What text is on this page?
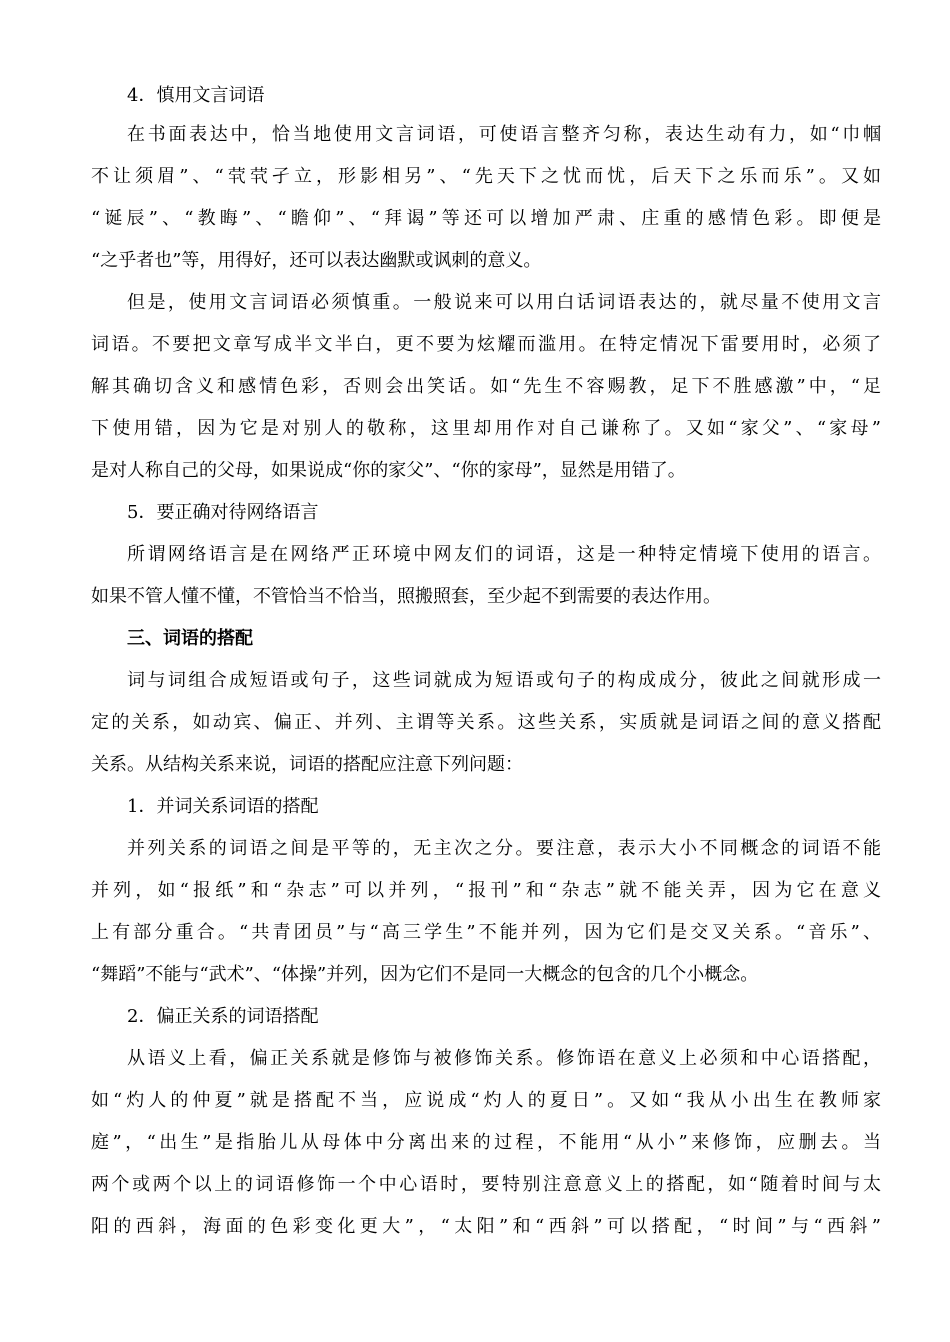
4．慎用文言词语
在书面表达中，恰当地使用文言词语，可使语言整齐匀称，表达生动有力，如“巾帼
不让须眉”、“茕茕孑立，形影相另”、“先天下之忧而忧，后天下之乐而乐”。又如
“诞辰”、“教晦”、“瞻仰”、“拜谒”等还可以增加严肃、庄重的感情色彩。即便是
“之乎者也”等，用得好，还可以表达幽默或讽刺的意义。
但是，使用文言词语必须慎重。一般说来可以用白话词语表达的，就尽量不使用文言
词语。不要把文章写成半文半白，更不要为炫耀而滥用。在特定情况下雷要用时，必须了
解其确切含义和感情色彩，否则会出笑话。如“先生不容赐教，足下不胜感激”中，“足
下使用错，因为它是对别人的敬称，这里却用作对自己谦称了。又如“家父”、“家母”
是对人称自己的父母，如果说成“你的家父”、“你的家母”，显然是用错了。
5．要正确对待网络语言
所谓网络语言是在网络严正环境中网友们的词语，这是一种特定情境下使用的语言。
如果不管人懂不懂，不管恰当不恰当，照搬照套，至少起不到需要的表达作用。
三、词语的搭配
词与词组合成短语或句子，这些词就成为短语或句子的构成成分，彼此之间就形成一
定的关系，如动宾、偏正、并列、主谓等关系。这些关系，实质就是词语之间的意义搭配
关系。从结构关系来说，词语的搭配应注意下列问题：
1．并词关系词语的搭配
并列关系的词语之间是平等的，无主次之分。要注意，表示大小不同概念的词语不能
并列，如“报纸”和“杂志”可以并列，“报刊”和“杂志”就不能关弄，因为它在意义
上有部分重合。“共青团员”与“高三学生”不能并列，因为它们是交叉关系。“音乐”、
“舞蹈”不能与“武术”、“体操”并列，因为它们不是同一大概念的包含的几个小概念。
2．偏正关系的词语搭配
从语义上看，偏正关系就是修饰与被修饰关系。修饰语在意义上必须和中心语搭配，
如“灼人的仲夏”就是搭配不当，应说成“灼人的夏日”。又如“我从小出生在教师家
庭”，“出生”是指胎儿从母体中分离出来的过程，不能用“从小”来修饰，应删去。当
两个或两个以上的词语修饰一个中心语时，要特别注意意义上的搭配，如“随着时间与太
阳的西斜，海面的色彩变化更大”，“太阳”和“西斜”可以搭配，“时间”与“西斜”
